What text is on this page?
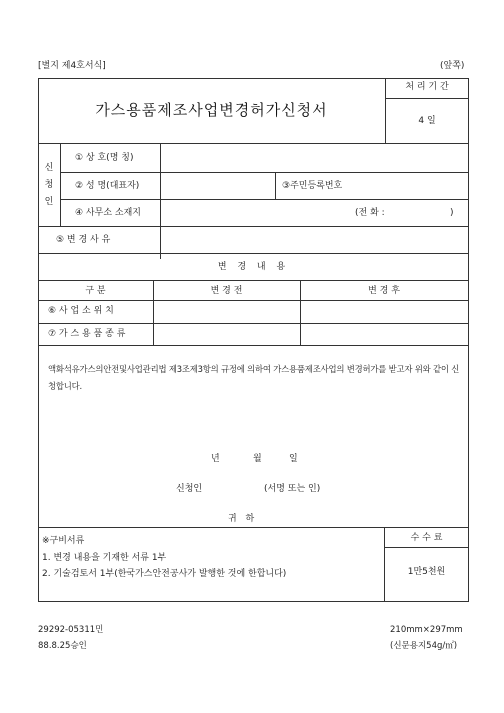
[별지 제4호서식]	(앞쪽)
가스용품제조사업변경허가신청서
처 리 기 간
4 일
신
청
인
① 상 호(명 칭)
② 성 명(대표자)	③주민등록번호
④ 사무소 소재지	(전 화 :	)
⑤ 변 경 사 유
변 경 내 용
구 분	변 경 전	변 경 후
⑥ 사 업 소 위 치
⑦ 가 스 용 품 종 류
액화석유가스의안전및사업관리법 제3조제3항의 규정에 의하여 가스용품제조사업의 변경허가를 받고자 위와 같이 신청합니다.
년	월	일
신청인	(서명 또는 인)
귀 하
※구비서류
1. 변경 내용을 기재한 서류 1부
2. 기술검토서 1부(한국가스안전공사가 발행한 것에 한합니다)
수 수 료
1만5천원
29292-05311민
88.8.25승인
210mm×297mm
(신문용지54g/㎡)
